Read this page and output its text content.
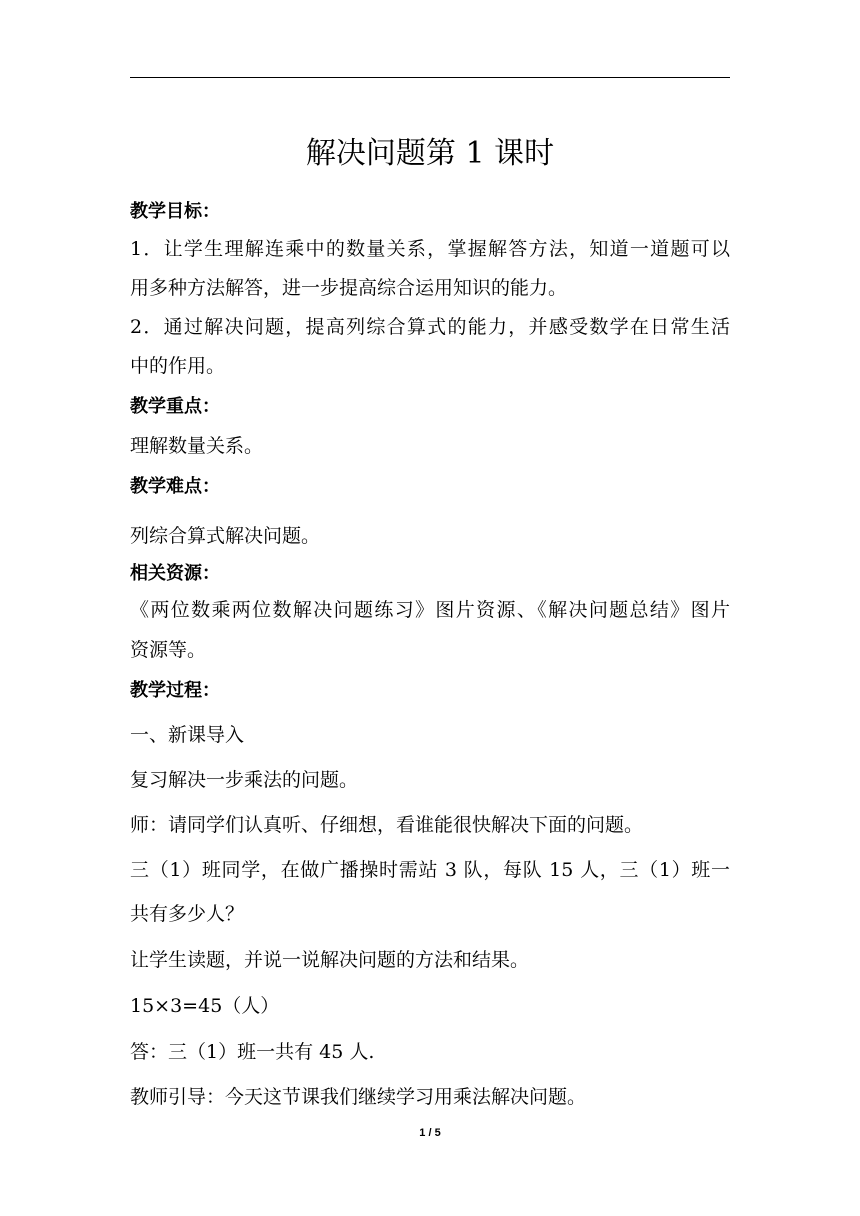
解决问题第 1 课时
教学目标：
1．让学生理解连乘中的数量关系，掌握解答方法，知道一道题可以
用多种方法解答，进一步提高综合运用知识的能力。
2．通过解决问题，提高列综合算式的能力，并感受数学在日常生活
中的作用。
教学重点：
理解数量关系。
教学难点：
列综合算式解决问题。
相关资源：
《两位数乘两位数解决问题练习》图片资源、《解决问题总结》图片
资源等。
教学过程：
一、新课导入
复习解决一步乘法的问题。
师：请同学们认真听、仔细想，看谁能很快解决下面的问题。
三（1）班同学，在做广播操时需站 3 队，每队 15 人，三（1）班一
共有多少人？
让学生读题，并说一说解决问题的方法和结果。
15×3=45（人）
答：三（1）班一共有 45 人.
教师引导：今天这节课我们继续学习用乘法解决问题。
1 / 5
